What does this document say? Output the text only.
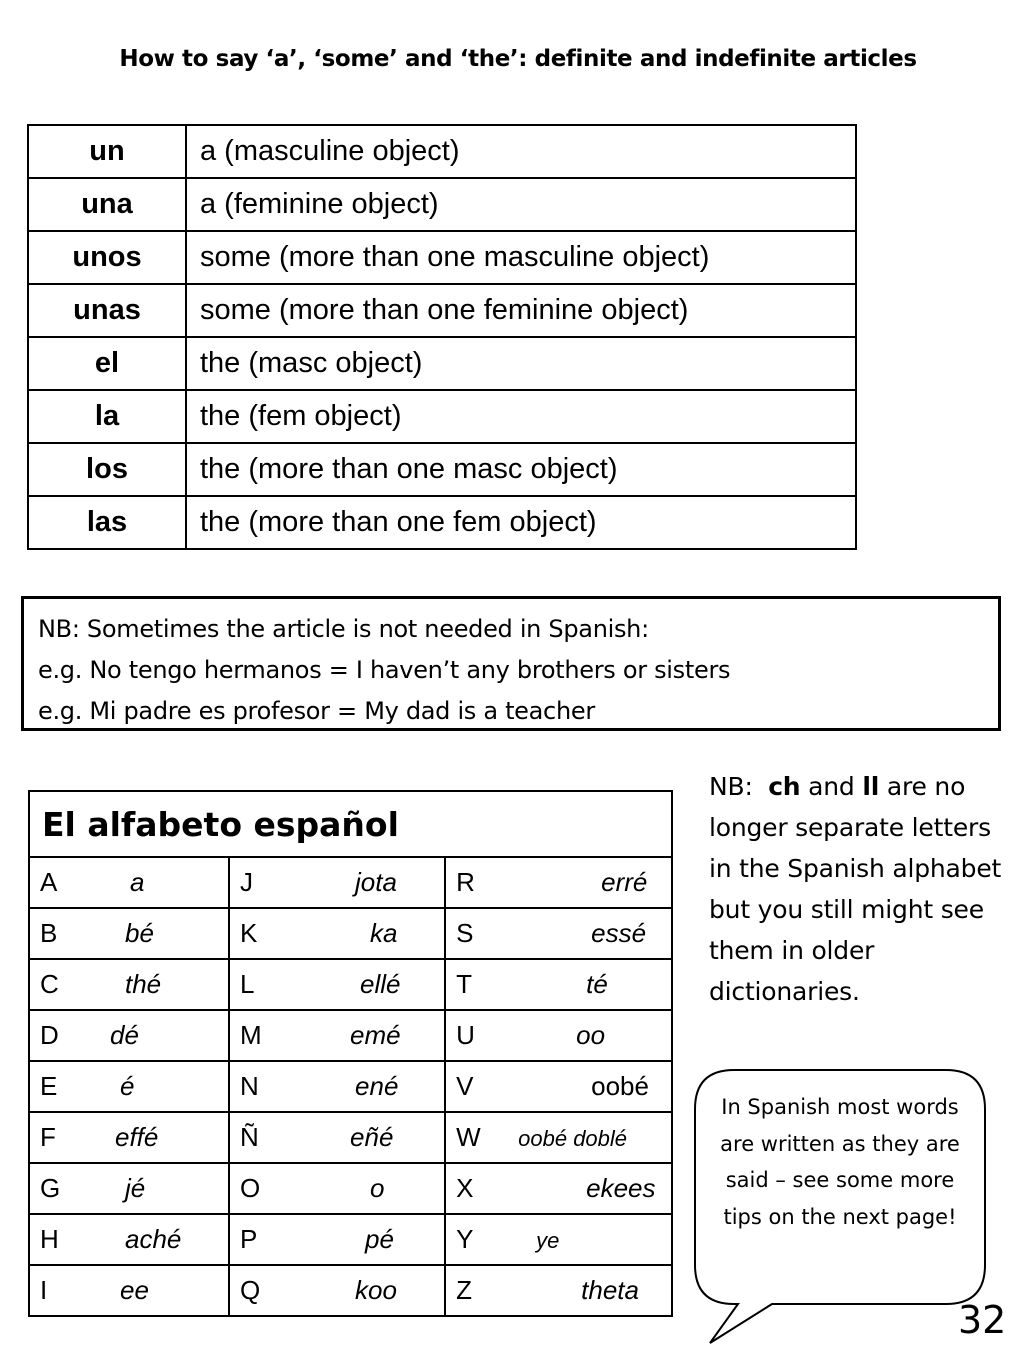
How to say ‘a’, ‘some’ and ‘the’: definite and indefinite articles
un	a (masculine object)
una	a (feminine object)
unos	some (more than one masculine object)
unas	some (more than one feminine object)
el	the (masc object)
la	the (fem object)
los	the (more than one masc object)
las	the (more than one fem object)
NB: Sometimes the article is not needed in Spanish:
e.g. No tengo hermanos = I haven’t any brothers or sisters
e.g. Mi padre es profesor = My dad is a teacher
El alfabeto español		
A a	J jota	R erré
B bé	K ka	S essé
C thé	L ellé	T té
D dé	M emé	U oo
E é	N ené	V oobé
F effé	Ñ eñé	W oobé doblé
G jé	O o	X ekees
H aché	P pé	Y ye
I ee	Q koo	Z theta
NB: ch and ll are no longer separate letters in the Spanish alphabet but you still might see them in older dictionaries.
In Spanish most words are written as they are said – see some more tips on the next page!
32
